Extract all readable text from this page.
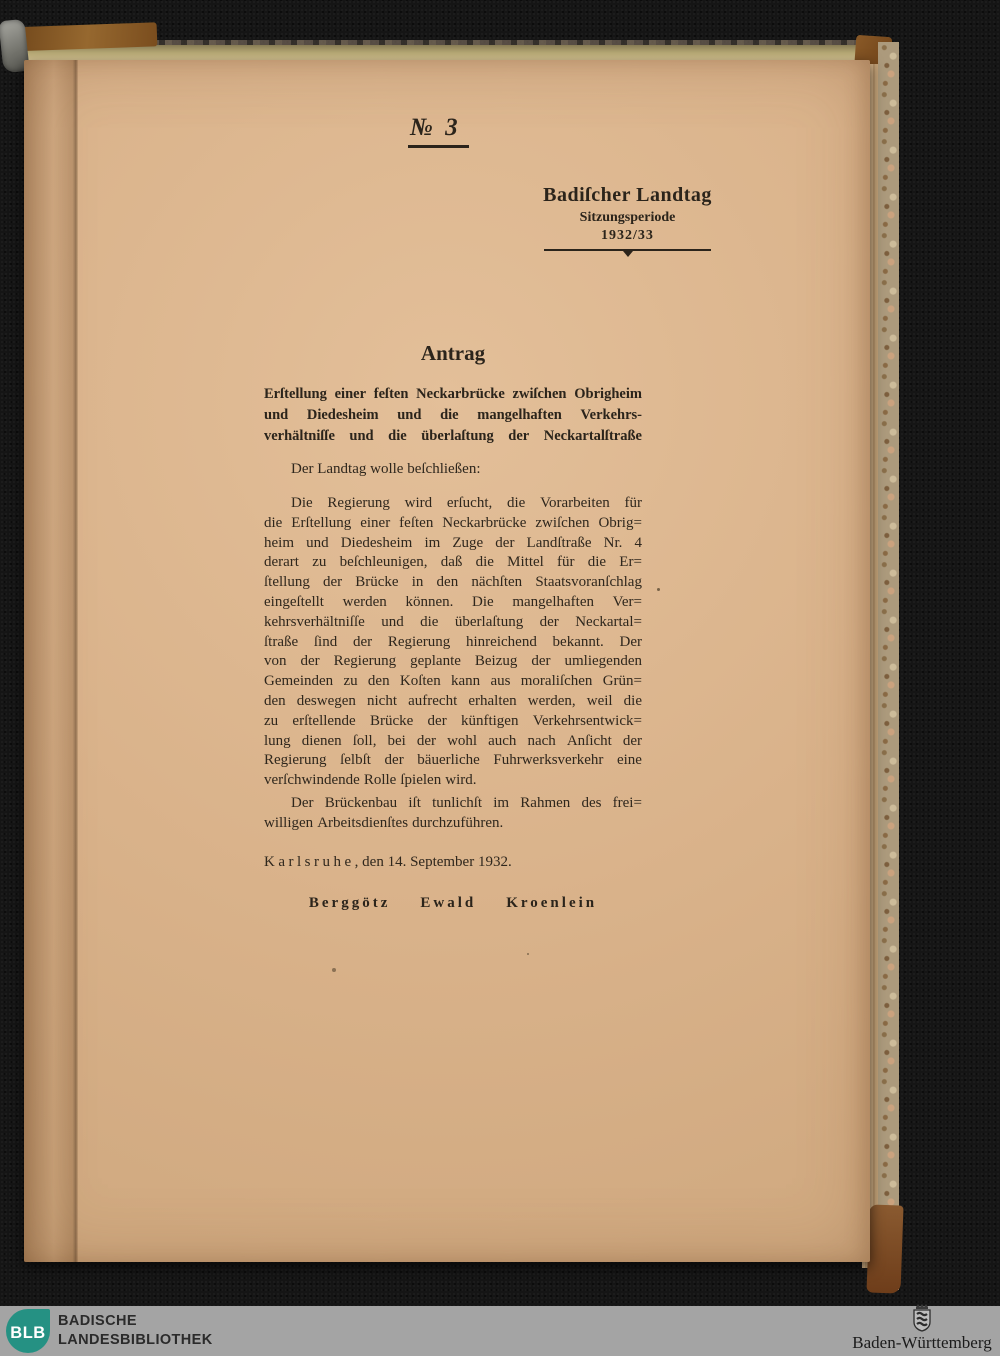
№ 3
Badiſcher Landtag
Sitzungsperiode
1932/33
Antrag
Erſtellung einer feſten Neckarbrücke zwiſchen Obrigheim
und Diedesheim und die mangelhaften Verkehrs-
verhältniſſe und die überlaſtung der Neckartalſtraße
Der Landtag wolle beſchließen:
Die Regierung wird erſucht, die Vorarbeiten für
die Erſtellung einer feſten Neckarbrücke zwiſchen Obrig=
heim und Diedesheim im Zuge der Landſtraße Nr. 4
derart zu beſchleunigen, daß die Mittel für die Er=
ſtellung der Brücke in den nächſten Staatsvoranſchlag
eingeſtellt werden können. Die mangelhaften Ver=
kehrsverhältniſſe und die überlaſtung der Neckartal=
ſtraße ſind der Regierung hinreichend bekannt. Der
von der Regierung geplante Beizug der umliegenden
Gemeinden zu den Koſten kann aus moraliſchen Grün=
den deswegen nicht aufrecht erhalten werden, weil die
zu erſtellende Brücke der künftigen Verkehrsentwick=
lung dienen ſoll, bei der wohl auch nach Anſicht der
Regierung ſelbſt der bäuerliche Fuhrwerksverkehr eine
verſchwindende Rolle ſpielen wird.
Der Brückenbau iſt tunlichſt im Rahmen des frei=
willigen Arbeitsdienſtes durchzuführen.
Karlsruhe, den 14. September 1932.
Berggötz Ewald Kroenlein
BLB
BADISCHE
LANDESBIBLIOTHEK	Baden-Württemberg
